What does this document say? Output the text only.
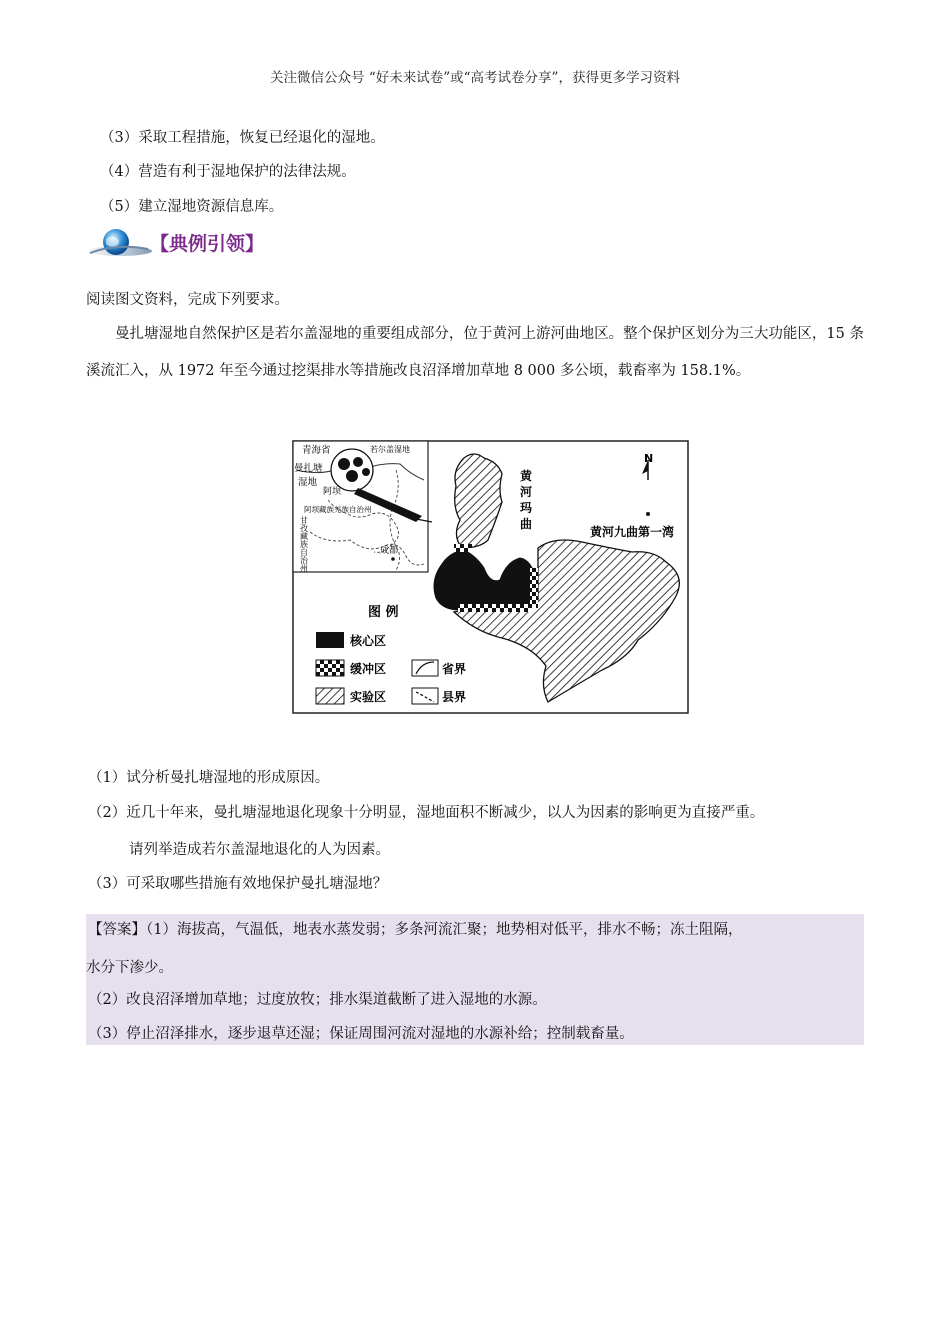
关注微信公众号 “好未来试卷”或“高考试卷分享”，获得更多学习资料
（3）采取工程措施，恢复已经退化的湿地。
（4）营造有利于湿地保护的法律法规。
（5）建立湿地资源信息库。
【典例引领】
阅读图文资料，完成下列要求。
曼扎塘湿地自然保护区是若尔盖湿地的重要组成部分，位于黄河上游河曲地区。整个保护区划分为三大功能区，15 条溪流汇入，从 1972 年至今通过挖渠排水等措施改良沼泽增加草地 8 000 多公顷，载畜率为 158.1%。
青海省	若尔盖湿地
曼扎塘
湿地
阿坝
阿坝藏族羌族自治州
成都
甘孜藏族自治州
黄
河
玛
曲
黄河九曲第一湾
N
图 例
核心区
缓冲区
实验区
省界
县界
（1）试分析曼扎塘湿地的形成原因。
（2）近几十年来，曼扎塘湿地退化现象十分明显，湿地面积不断减少，以人为因素的影响更为直接严重。
请列举造成若尔盖湿地退化的人为因素。
（3）可采取哪些措施有效地保护曼扎塘湿地？
【答案】（1）海拔高，气温低，地表水蒸发弱；多条河流汇聚；地势相对低平，排水不畅；冻土阻隔，
水分下渗少。
（2）改良沼泽增加草地；过度放牧；排水渠道截断了进入湿地的水源。
（3）停止沼泽排水，逐步退草还湿；保证周围河流对湿地的水源补给；控制载畜量。
